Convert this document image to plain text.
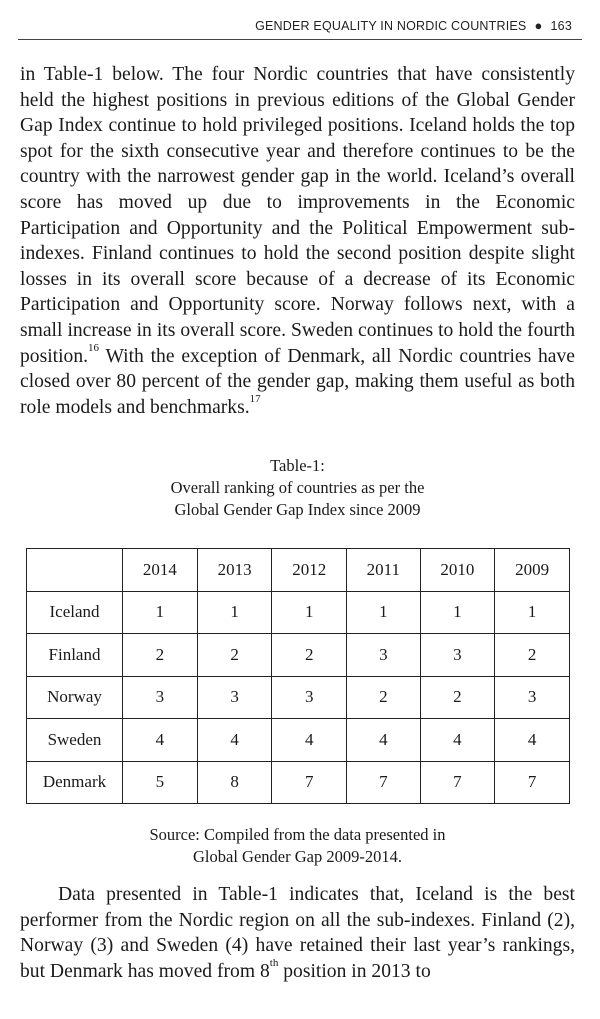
GENDER EQUALITY IN NORDIC COUNTRIES ● 163

in Table-1 below. The four Nordic countries that have consistently held the highest positions in previous editions of the Global Gender Gap Index continue to hold privileged positions. Iceland holds the top spot for the sixth consecutive year and therefore continues to be the country with the narrowest gender gap in the world. Iceland’s overall score has moved up due to improvements in the Economic Participation and Opportunity and the Political Empowerment sub-indexes. Finland continues to hold the second position despite slight losses in its overall score because of a decrease of its Economic Participation and Opportunity score. Norway follows next, with a small increase in its overall score. Sweden continues to hold the fourth position.$^{16}$ With the exception of Denmark, all Nordic countries have closed over 80 percent of the gender gap, making them useful as both role models and benchmarks.$^{17}$

Table-1:
Overall ranking of countries as per the
Global Gender Gap Index since 2009
	2014	2013	2012	2011	2010	2009
Iceland	1	1	1	1	1	1
Finland	2	2	2	3	3	2
Norway	3	3	3	2	2	3
Sweden	4	4	4	4	4	4
Denmark	5	8	7	7	7	7
Source: Compiled from the data presented in
Global Gender Gap 2009-2014.

Data presented in Table-1 indicates that, Iceland is the best performer from the Nordic region on all the sub-indexes. Finland (2), Norway (3) and Sweden (4) have retained their last year’s rankings, but Denmark has moved from 8th position in 2013 to
